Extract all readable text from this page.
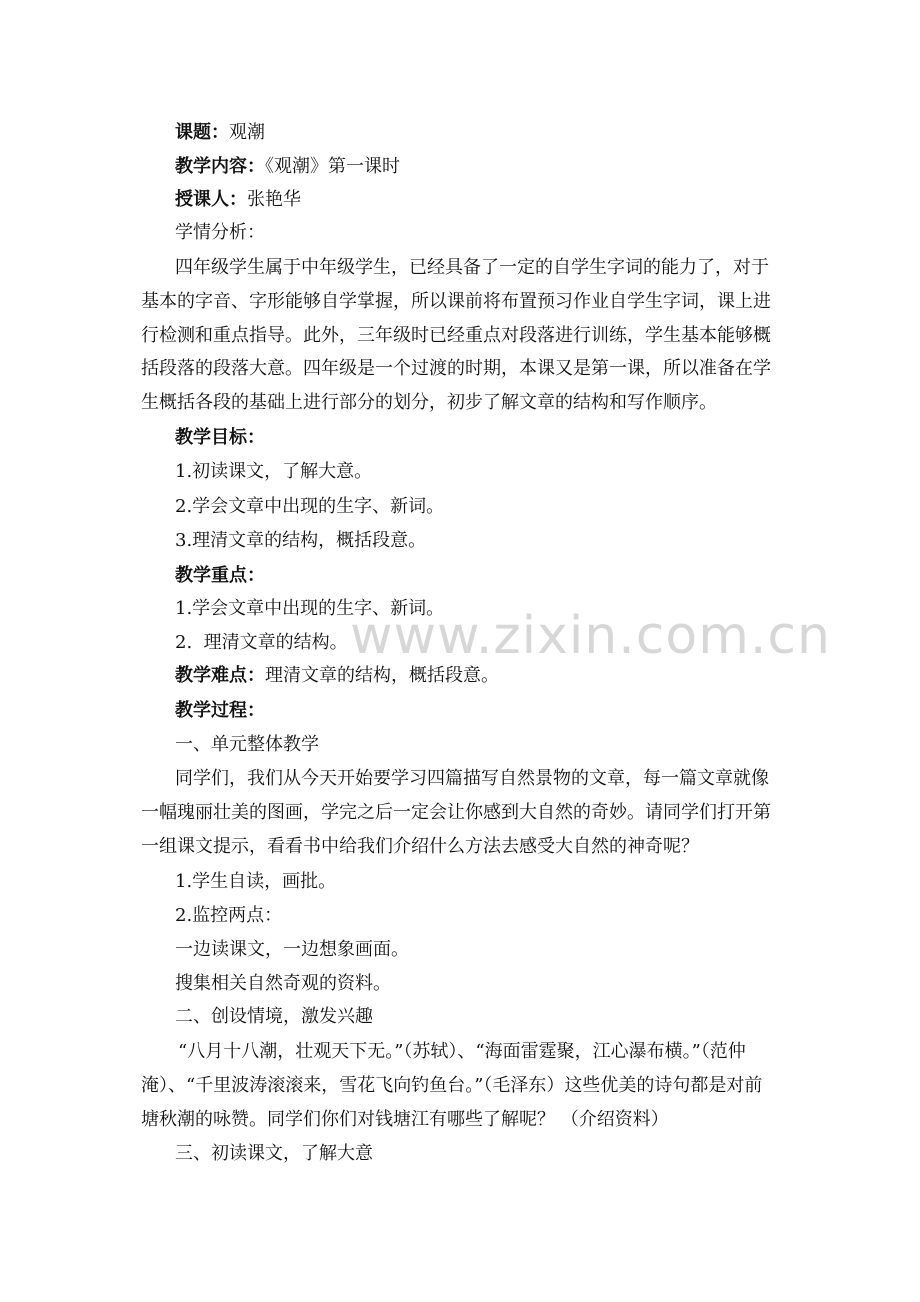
www.zixin.com.cn
课题：观潮
教学内容：《观潮》第一课时
授课人：张艳华
学情分析：
四年级学生属于中年级学生，已经具备了一定的自学生字词的能力了，对于
基本的字音、字形能够自学掌握，所以课前将布置预习作业自学生字词，课上进
行检测和重点指导。此外，三年级时已经重点对段落进行训练，学生基本能够概
括段落的段落大意。四年级是一个过渡的时期，本课又是第一课，所以准备在学
生概括各段的基础上进行部分的划分，初步了解文章的结构和写作顺序。
教学目标：
1.初读课文，了解大意。
2.学会文章中出现的生字、新词。
3.理清文章的结构，概括段意。
教学重点：
1.学会文章中出现的生字、新词。
2.  理清文章的结构。
教学难点：理清文章的结构，概括段意。
教学过程：
一、单元整体教学
同学们，我们从今天开始要学习四篇描写自然景物的文章，每一篇文章就像
一幅瑰丽壮美的图画，学完之后一定会让你感到大自然的奇妙。请同学们打开第
一组课文提示，看看书中给我们介绍什么方法去感受大自然的神奇呢？
1.学生自读，画批。
2.监控两点：
一边读课文，一边想象画面。
搜集相关自然奇观的资料。
二、创设情境，激发兴趣
“八月十八潮，壮观天下无。”（苏轼）、“海面雷霆聚，江心瀑布横。”（范仲
淹）、“千里波涛滚滚来，雪花飞向钓鱼台。”（毛泽东）这些优美的诗句都是对前
塘秋潮的咏赞。同学们你们对钱塘江有哪些了解呢？ （介绍资料）
三、初读课文，了解大意
